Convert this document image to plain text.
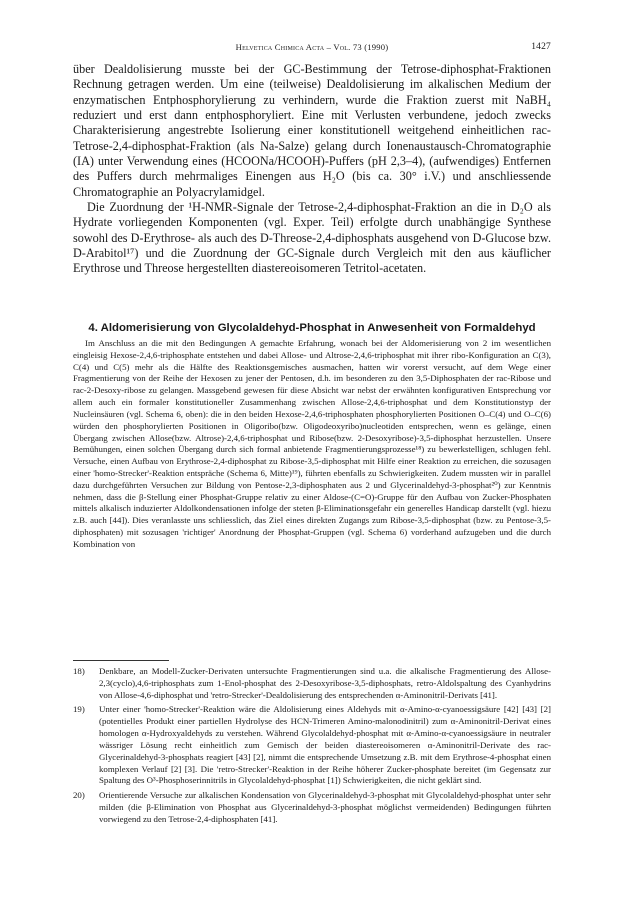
Helvetica Chimica Acta – Vol. 73 (1990)	1427

über Dealdolisierung musste bei der GC-Bestimmung der Tetrose-diphosphat-Fraktionen Rechnung getragen werden. Um eine (teilweise) Dealdolisierung im alkalischen Medium der enzymatischen Entphosphorylierung zu verhindern, wurde die Fraktion zuerst mit NaBH₄ reduziert und erst dann entphosphoryliert. Eine mit Verlusten verbundene, jedoch zwecks Charakterisierung angestrebte Isolierung einer konstitutionell weitgehend einheitlichen rac-Tetrose-2,4-diphosphat-Fraktion (als Na-Salze) gelang durch Ionenaustausch-Chromatographie (IA) unter Verwendung eines (HCOONa/HCOOH)-Puffers (pH 2,3–4), (aufwendiges) Entfernen des Puffers durch mehrmaliges Einengen aus H₂O (bis ca. 30° i.V.) und anschliessende Chromatographie an Polyacrylamidgel.

Die Zuordnung der ¹H-NMR-Signale der Tetrose-2,4-diphosphat-Fraktion an die in D₂O als Hydrate vorliegenden Komponenten (vgl. Exper. Teil) erfolgte durch unabhängige Synthese sowohl des D-Erythrose- als auch des D-Threose-2,4-diphosphats ausgehend von D-Glucose bzw. D-Arabitol¹⁷) und die Zuordnung der GC-Signale durch Vergleich mit den aus käuflicher Erythrose und Threose hergestellten diastereoisomeren Tetritol-acetaten.

4. Aldomerisierung von Glycolaldehyd-Phosphat in Anwesenheit von Formaldehyd

Im Anschluss an die mit den Bedingungen A gemachte Erfahrung, wonach bei der Aldomerisierung von 2 im wesentlichen eingleisig Hexose-2,4,6-triphosphate entstehen und dabei Allose- und Altrose-2,4,6-triphosphat mit ihrer ribo-Konfiguration an C(3), C(4) und C(5) mehr als die Hälfte des Reaktionsgemisches ausmachen, hatten wir vorerst versucht, auf dem Wege einer Fragmentierung von der Reihe der Hexosen zu jener der Pentosen, d.h. im besonderen zu den 3,5-Diphosphaten der rac-Ribose und rac-2-Desoxy-ribose zu gelangen. Massgebend gewesen für diese Absicht war nebst der erwähnten konfigurativen Entsprechung vor allem auch ein formaler konstitutioneller Zusammenhang zwischen Allose-2,4,6-triphosphat und dem Konstitutionstyp der Nucleinsäuren (vgl. Schema 6, oben): die in den beiden Hexose-2,4,6-triphosphaten phosphorylierten Positionen O–C(4) und O–C(6) würden den phosphorylierten Positionen in Oligoribo(bzw. Oligodeoxyribo)nucleotiden entsprechen, wenn es gelänge, einen Übergang zwischen Allose(bzw. Altrose)-2,4,6-triphosphat und Ribose(bzw. 2-Desoxyribose)-3,5-diphosphat herzustellen. Unsere Bemühungen, einen solchen Übergang durch sich formal anbietende Fragmentierungsprozesse¹⁸) zu bewerkstelligen, schlugen fehl. Versuche, einen Aufbau von Erythrose-2,4-diphosphat zu Ribose-3,5-diphosphat mit Hilfe einer Reaktion zu erreichen, die sozusagen einer 'homo-Strecker'-Reaktion entspräche (Schema 6, Mitte)¹⁹), führten ebenfalls zu Schwierigkeiten. Zudem mussten wir in parallel dazu durchgeführten Versuchen zur Bildung von Pentose-2,3-diphosphaten aus 2 und Glycerinaldehyd-3-phosphat²⁰) zur Kenntnis nehmen, dass die β-Stellung einer Phosphat-Gruppe relativ zu einer Aldose-(C=O)-Gruppe für den Aufbau von Zucker-Phosphaten mittels alkalisch induzierter Aldolkondensationen infolge der steten β-Eliminationsgefahr ein generelles Handicap darstellt (vgl. hiezu z.B. auch [44]). Dies veranlasste uns schliesslich, das Ziel eines direkten Zugangs zum Ribose-3,5-diphosphat (bzw. zu Pentose-3,5-diphosphaten) mit sozusagen 'richtiger' Anordnung der Phosphat-Gruppen (vgl. Schema 6) vorderhand aufzugeben und die durch Kombination von

18) Denkbare, an Modell-Zucker-Derivaten untersuchte Fragmentierungen sind u.a. die alkalische Fragmentierung des Allose-2,3(cyclo),4,6-triphosphats zum 1-Enol-phosphat des 2-Desoxyribose-3,5-diphosphats, retro-Aldolspaltung des Cyanhydrins von Allose-4,6-diphosphat und 'retro-Strecker'-Dealdolisierung des entsprechenden α-Aminonitril-Derivats [41].
19) Unter einer 'homo-Strecker'-Reaktion wäre die Aldolisierung eines Aldehyds mit α-Amino-α-cyanoessigsäure [42] [43] [2] (potentielles Produkt einer partiellen Hydrolyse des HCN-Trimeren Amino-malonodinitril) zum α-Aminonitril-Derivat eines homologen α-Hydroxyaldehyds zu verstehen. Während Glycolaldehyd-phosphat mit α-Amino-α-cyanoessigsäure in neutraler wässriger Lösung recht einheitlich zum Gemisch der beiden diastereoisomeren α-Aminonitril-Derivate des rac-Glycerinaldehyd-3-phosphats reagiert [43] [2], nimmt die entsprechende Umsetzung z.B. mit dem Erythrose-4-phosphat einen komplexen Verlauf [2] [3]. Die 'retro-Strecker'-Reaktion in der Reihe höherer Zucker-phosphate bereitet (im Gegensatz zur Spaltung des O³-Phosphoserinnitrils in Glycolaldehyd-phosphat [1]) Schwierigkeiten, die nicht geklärt sind.
20) Orientierende Versuche zur alkalischen Kondensation von Glycerinaldehyd-3-phosphat mit Glycolaldehyd-phosphat unter sehr milden (die β-Elimination von Phosphat aus Glycerinaldehyd-3-phosphat möglichst vermeidenden) Bedingungen führten vorwiegend zu den Tetrose-2,4-diphosphaten [41].
